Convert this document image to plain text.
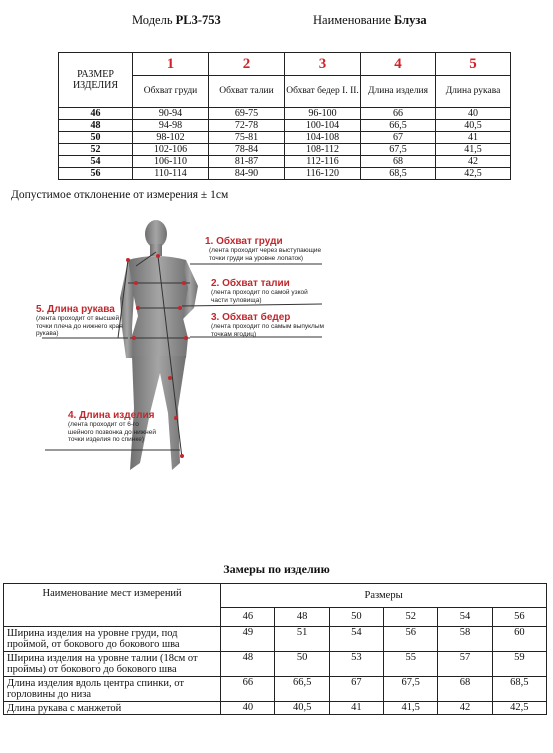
Модель PL3-753	Наименование Блуза
РАЗМЕР ИЗДЕЛИЯ	1	2	3	4	5
	Обхват груди	Обхват талии	Обхват бедер I. II.	Длина изделия	Длина рукава
46	90-94	69-75	96-100	66	40
48	94-98	72-78	100-104	66,5	40,5
50	98-102	75-81	104-108	67	41
52	102-106	78-84	108-112	67,5	41,5
54	106-110	81-87	112-116	68	42
56	110-114	84-90	116-120	68,5	42,5
Допустимое отклонение от измерения ± 1см
1. Обхват груди
(лента проходит через выступающие точки груди на уровне лопаток)
2. Обхват талии
(лента проходит по самой узкой части туловища)
3. Обхват бедер
(лента проходит по самым выпуклым точкам ягодиц)
4. Длина изделия
(лента проходит от 6-го шейного позвонка до нижней точки изделия по спинке)
5. Длина рукава
(лента проходит от высшей точки плеча до нижнего края рукава)
Замеры по изделию
Наименование мест измерений	Размеры					
	46	48	50	52	54	56
Ширина изделия на уровне груди, под проймой, от бокового до бокового шва	49	51	54	56	58	60
Ширина изделия на уровне талии (18см от проймы) от бокового до бокового шва	48	50	53	55	57	59
Длина изделия вдоль центра спинки, от горловины до низа	66	66,5	67	67,5	68	68,5
Длина рукава с манжетой	40	40,5	41	41,5	42	42,5
